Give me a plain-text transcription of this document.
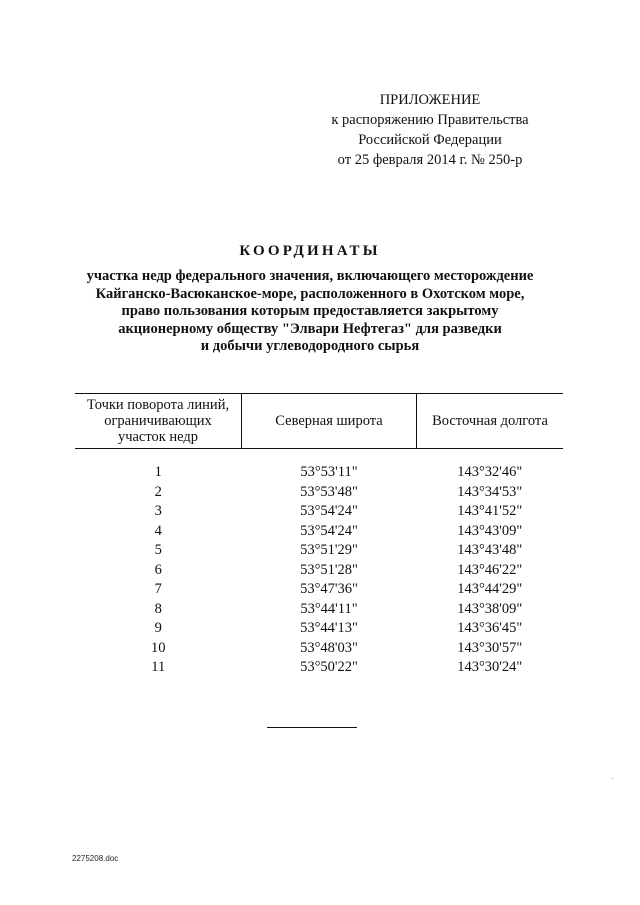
ПРИЛОЖЕНИЕ
к распоряжению Правительства
Российской Федерации
от 25 февраля 2014 г. № 250-р
КООРДИНАТЫ
участка недр федерального значения, включающего месторождение
Кайганско-Васюканское-море, расположенного в Охотском море,
право пользования которым предоставляется закрытому
акционерному обществу "Элвари Нефтегаз" для разведки
и добычи углеводородного сырья
Точки поворота линий, ограничивающих участок недр	Северная широта	Восточная долгота
1	53°53'11"	143°32'46"
2	53°53'48"	143°34'53"
3	53°54'24"	143°41'52"
4	53°54'24"	143°43'09"
5	53°51'29"	143°43'48"
6	53°51'28"	143°46'22"
7	53°47'36"	143°44'29"
8	53°44'11"	143°38'09"
9	53°44'13"	143°36'45"
10	53°48'03"	143°30'57"
11	53°50'22"	143°30'24"
2275208.doc
